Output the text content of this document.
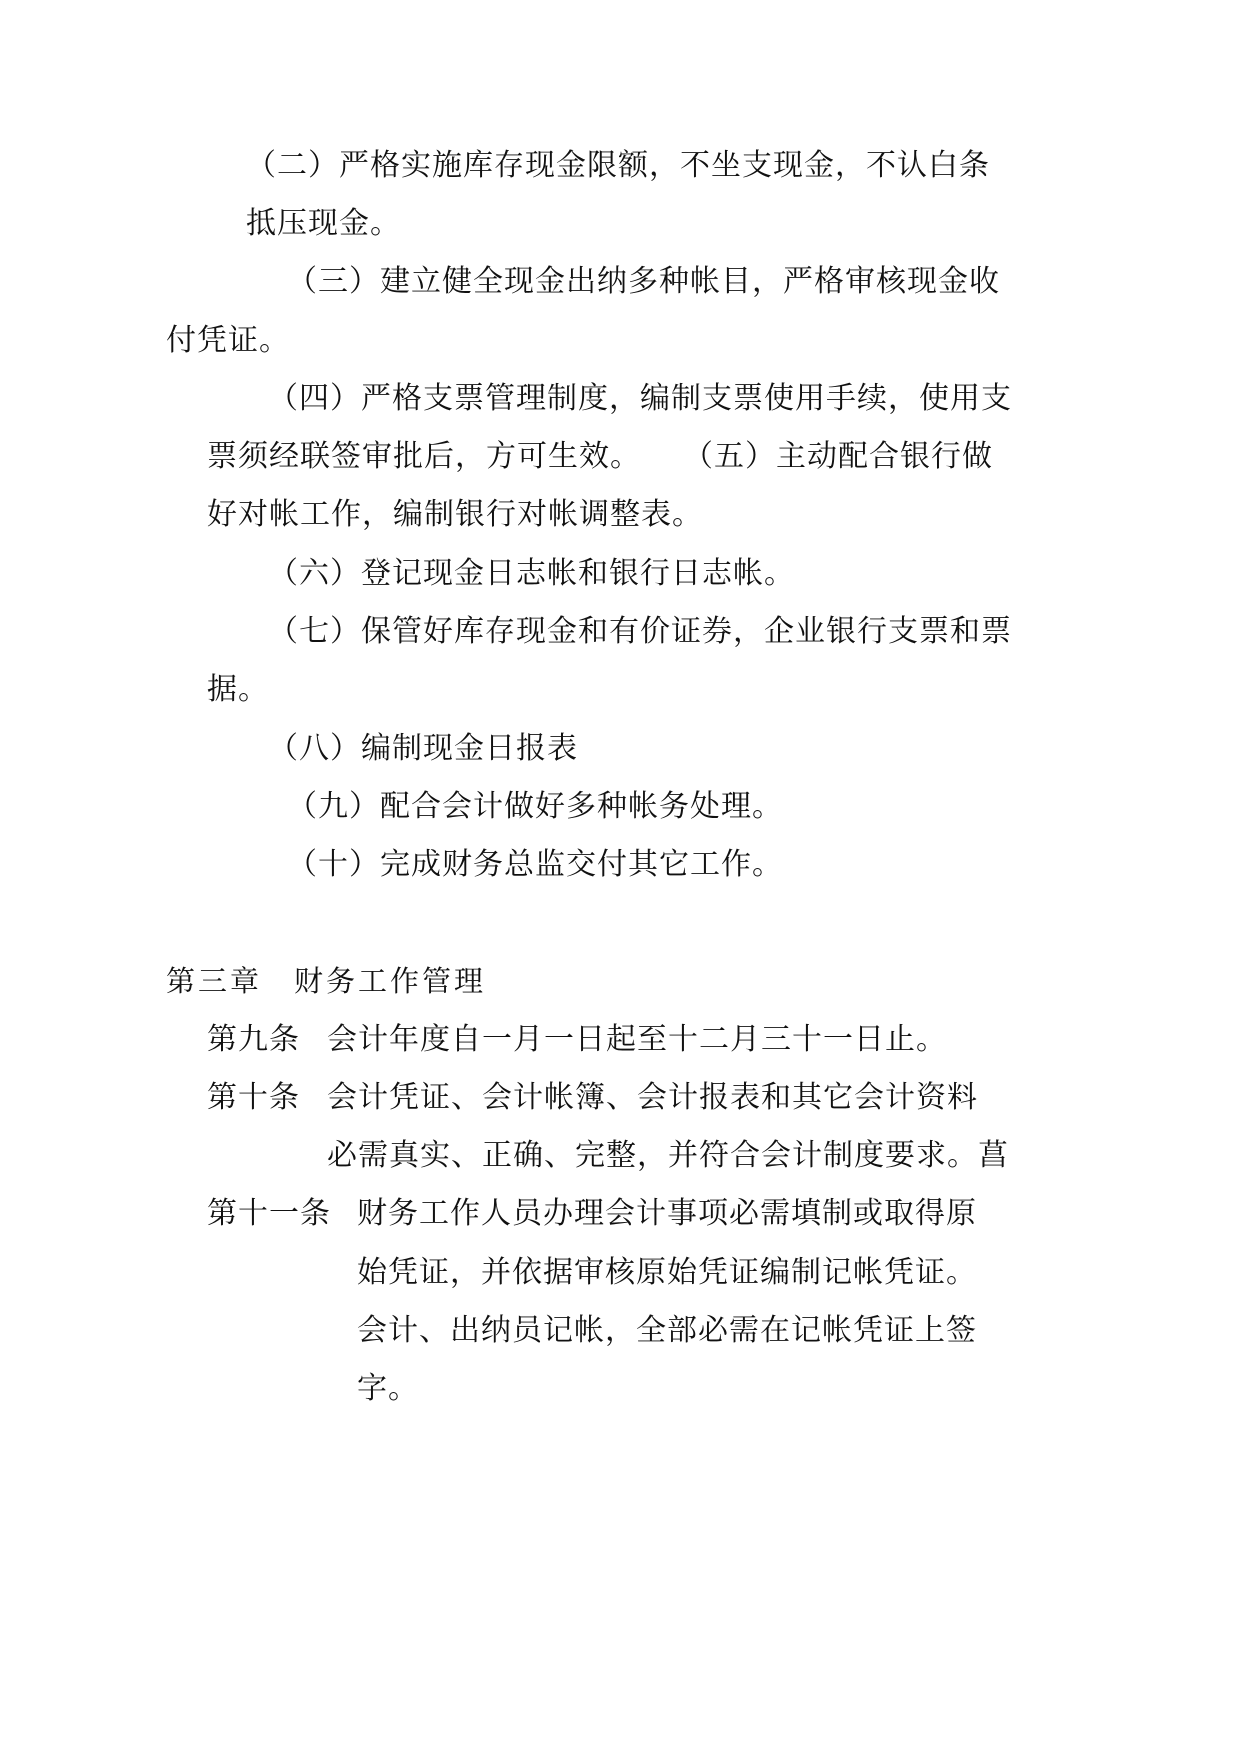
（二）严格实施库存现金限额，不坐支现金，不认白条
抵压现金。
（三）建立健全现金出纳多种帐目，严格审核现金收
付凭证。
（四）严格支票管理制度，编制支票使用手续，使用支
票须经联签审批后，方可生效。 （五）主动配合银行做
好对帐工作，编制银行对帐调整表。
（六）登记现金日志帐和银行日志帐。
（七）保管好库存现金和有价证券，企业银行支票和票
据。
（八）编制现金日报表
（九）配合会计做好多种帐务处理。
（十）完成财务总监交付其它工作。
第三章　财务工作管理
第九条 会计年度自一月一日起至十二月三十一日止。
第十条 会计凭证、会计帐簿、会计报表和其它会计资料
必需真实、正确、完整，并符合会计制度要求。菖
第十一条 财务工作人员办理会计事项必需填制或取得原
始凭证，并依据审核原始凭证编制记帐凭证。
会计、出纳员记帐，全部必需在记帐凭证上签
字。
